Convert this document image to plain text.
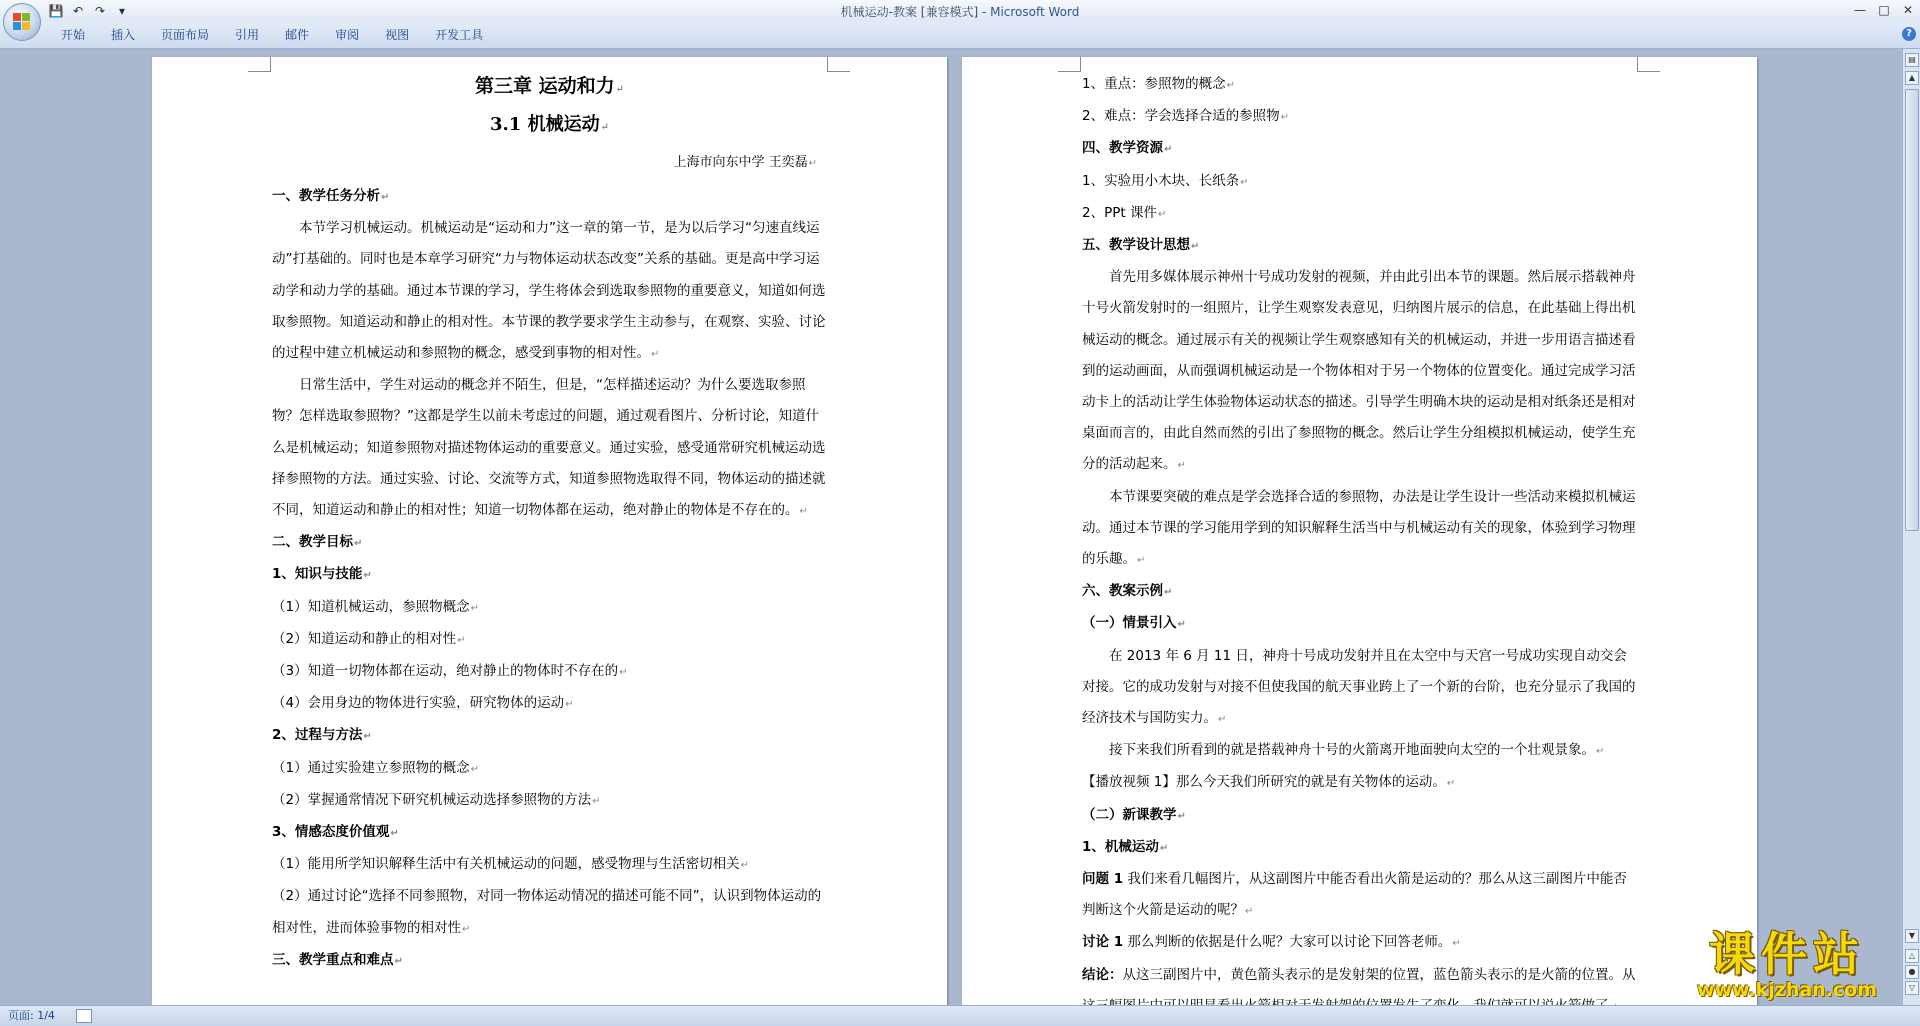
💾 ↶ ↷	▾	机械运动-教案 [兼容模式] - Microsoft Word	—	□	✕
开始	插入	页面布局	引用	邮件	审阅	视图	开发工具	?
第三章 运动和力↵
3.1 机械运动↵
上海市向东中学 王奕磊↵

一、教学任务分析↵

本节学习机械运动。机械运动是“运动和力”这一章的第一节，是为以后学习“匀速直线运动”打基础的。同时也是本章学习研究“力与物体运动状态改变”关系的基础。更是高中学习运动学和动力学的基础。通过本节课的学习，学生将体会到选取参照物的重要意义，知道如何选取参照物。知道运动和静止的相对性。本节课的教学要求学生主动参与，在观察、实验、讨论的过程中建立机械运动和参照物的概念，感受到事物的相对性。↵

日常生活中，学生对运动的概念并不陌生，但是，“怎样描述运动？为什么要选取参照物？怎样选取参照物？”这都是学生以前未考虑过的问题，通过观看图片、分析讨论，知道什么是机械运动；知道参照物对描述物体运动的重要意义。通过实验，感受通常研究机械运动选择参照物的方法。通过实验、讨论、交流等方式，知道参照物选取得不同，物体运动的描述就不同，知道运动和静止的相对性；知道一切物体都在运动，绝对静止的物体是不存在的。↵

二、教学目标↵

1、知识与技能↵

（1）知道机械运动，参照物概念↵

（2）知道运动和静止的相对性↵

（3）知道一切物体都在运动，绝对静止的物体时不存在的↵

（4）会用身边的物体进行实验，研究物体的运动↵

2、过程与方法↵

（1）通过实验建立参照物的概念↵

（2）掌握通常情况下研究机械运动选择参照物的方法↵

3、情感态度价值观↵

（1）能用所学知识解释生活中有关机械运动的问题，感受物理与生活密切相关↵

（2）通过讨论“选择不同参照物，对同一物体运动情况的描述可能不同”，认识到物体运动的相对性，进而体验事物的相对性↵

三、教学重点和难点↵

1、重点：参照物的概念↵

2、难点：学会选择合适的参照物↵

四、教学资源↵

1、实验用小木块、长纸条↵

2、PPt 课件↵

五、教学设计思想↵

首先用多媒体展示神州十号成功发射的视频，并由此引出本节的课题。然后展示搭载神舟十号火箭发射时的一组照片，让学生观察发表意见，归纳图片展示的信息，在此基础上得出机械运动的概念。通过展示有关的视频让学生观察感知有关的机械运动，并进一步用语言描述看到的运动画面，从而强调机械运动是一个物体相对于另一个物体的位置变化。通过完成学习活动卡上的活动让学生体验物体运动状态的描述。引导学生明确木块的运动是相对纸条还是相对桌面而言的，由此自然而然的引出了参照物的概念。然后让学生分组模拟机械运动，使学生充分的活动起来。↵

本节课要突破的难点是学会选择合适的参照物，办法是让学生设计一些活动来模拟机械运动。通过本节课的学习能用学到的知识解释生活当中与机械运动有关的现象，体验到学习物理的乐趣。↵

六、教案示例↵

（一）情景引入↵

在 2013 年 6 月 11 日，神舟十号成功发射并且在太空中与天宫一号成功实现自动交会对接。它的成功发射与对接不但使我国的航天事业跨上了一个新的台阶，也充分显示了我国的经济技术与国防实力。↵

接下来我们所看到的就是搭载神舟十号的火箭离开地面驶向太空的一个壮观景象。↵

【播放视频 1】那么今天我们所研究的就是有关物体的运动。↵

（二）新课教学↵

1、机械运动↵

问题 1 我们来看几幅图片，从这副图片中能否看出火箭是运动的？那么从这三副图片中能否判断这个火箭是运动的呢？↵

讨论 1 那么判断的依据是什么呢？大家可以讨论下回答老师。↵

结论：从这三副图片中，黄色箭头表示的是发射架的位置，蓝色箭头表示的是火箭的位置。从

▤
▲
▼
△
●
▽
课件站
www.kjzhan.com
页面: 1/4
